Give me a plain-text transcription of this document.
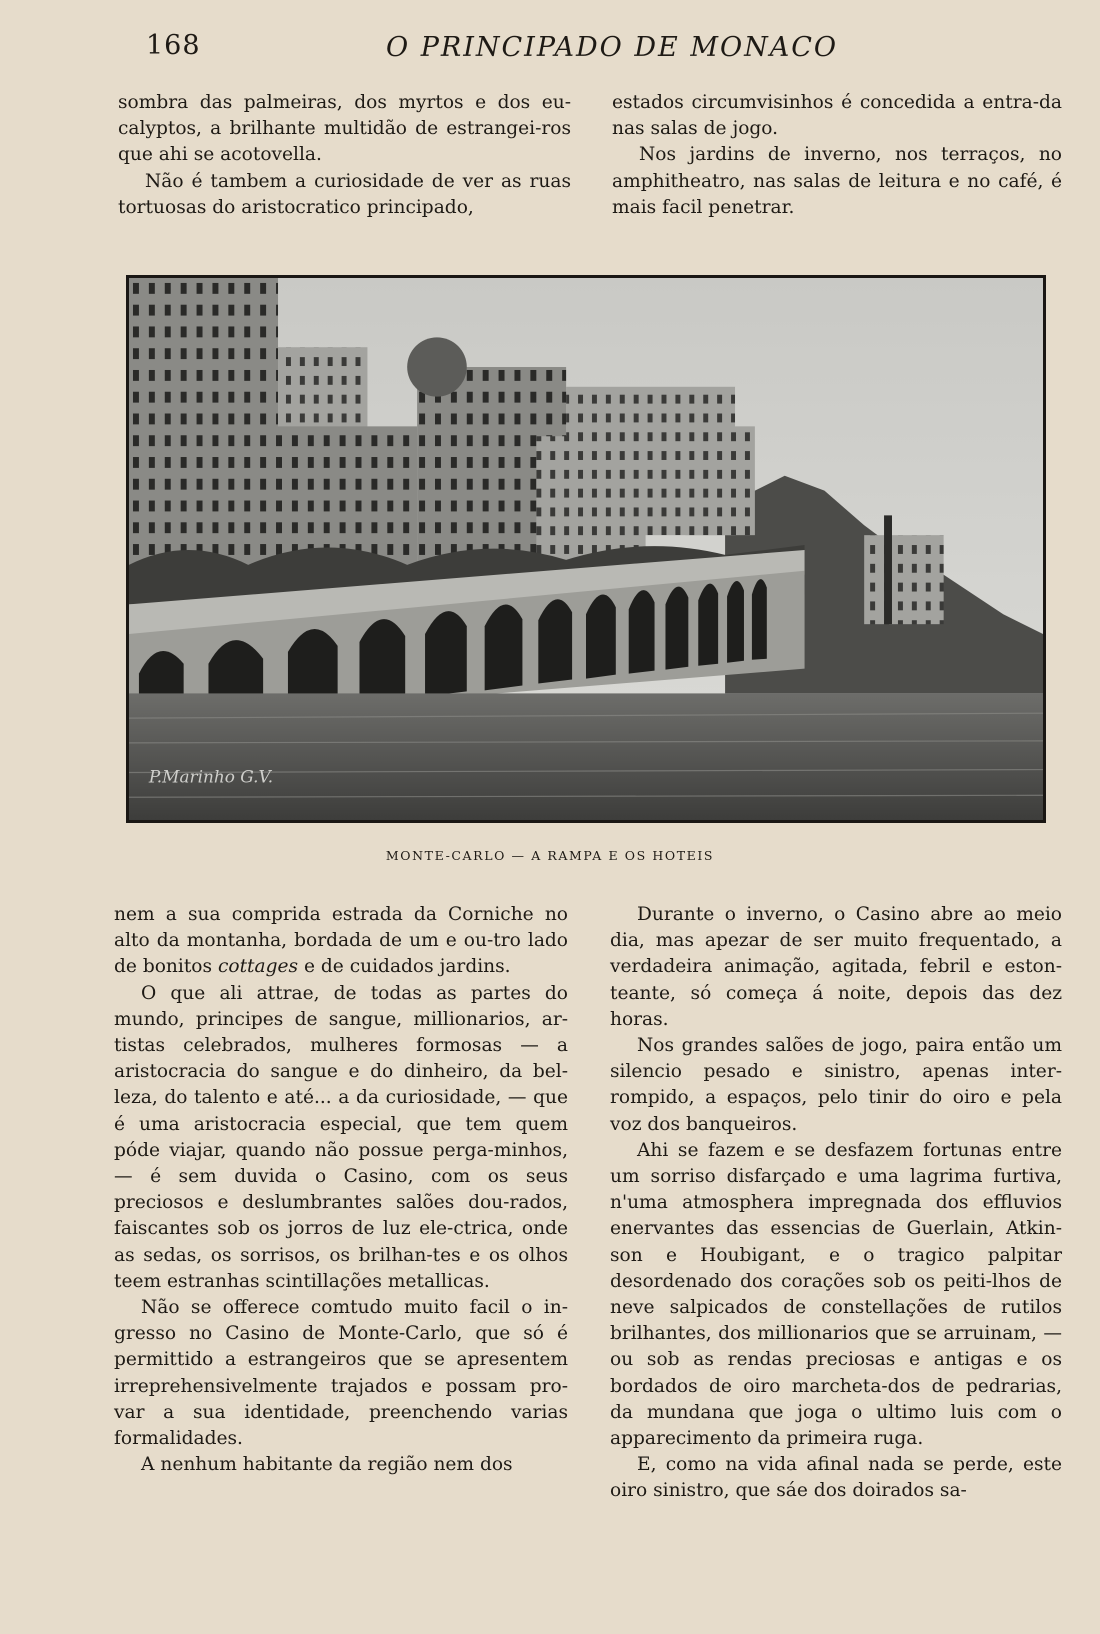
168	O PRINCIPADO DE MONACO

sombra das palmeiras, dos myrtos e dos eu-calyptos, a brilhante multidão de estrangei-ros que ahi se acotovella.

Não é tambem a curiosidade de ver as ruas tortuosas do aristocratico principado,

estados circumvisinhos é concedida a entra-da nas salas de jogo.

Nos jardins de inverno, nos terraços, no amphitheatro, nas salas de leitura e no café, é mais facil penetrar.

P.Marinho G.V.
MONTE-CARLO — A RAMPA E OS HOTEIS

nem a sua comprida estrada da Corniche no alto da montanha, bordada de um e ou-tro lado de bonitos cottages e de cuidados jardins.

O que ali attrae, de todas as partes do mundo, principes de sangue, millionarios, ar-tistas celebrados, mulheres formosas — a aristocracia do sangue e do dinheiro, da bel-leza, do talento e até... a da curiosidade, — que é uma aristocracia especial, que tem quem póde viajar, quando não possue perga-minhos, — é sem duvida o Casino, com os seus preciosos e deslumbrantes salões dou-rados, faiscantes sob os jorros de luz ele-ctrica, onde as sedas, os sorrisos, os brilhan-tes e os olhos teem estranhas scintillações metallicas.

Não se offerece comtudo muito facil o in-gresso no Casino de Monte-Carlo, que só é permittido a estrangeiros que se apresentem irreprehensivelmente trajados e possam pro-var a sua identidade, preenchendo varias formalidades.

A nenhum habitante da região nem dos

Durante o inverno, o Casino abre ao meio dia, mas apezar de ser muito frequentado, a verdadeira animação, agitada, febril e eston-teante, só começa á noite, depois das dez horas.

Nos grandes salões de jogo, paira então um silencio pesado e sinistro, apenas inter-rompido, a espaços, pelo tinir do oiro e pela voz dos banqueiros.

Ahi se fazem e se desfazem fortunas entre um sorriso disfarçado e uma lagrima furtiva, n'uma atmosphera impregnada dos effluvios enervantes das essencias de Guerlain, Atkin-son e Houbigant, e o tragico palpitar desordenado dos corações sob os peiti-lhos de neve salpicados de constellações de rutilos brilhantes, dos millionarios que se arruinam, — ou sob as rendas preciosas e antigas e os bordados de oiro marcheta-dos de pedrarias, da mundana que joga o ultimo luis com o apparecimento da primeira ruga.

E, como na vida afinal nada se perde, este oiro sinistro, que sáe dos doirados sa-
